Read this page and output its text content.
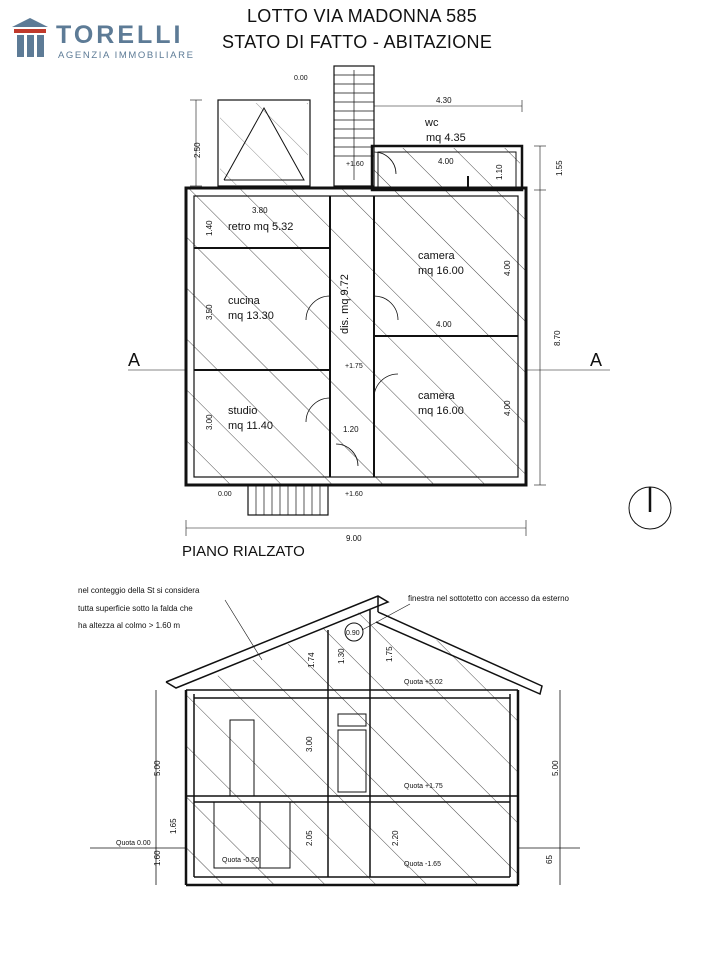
TORELLI
AGENZIA IMMOBILIARE
LOTTO VIA MADONNA 585
STATO DI FATTO - ABITAZIONE
A	A
wc
mq 4.35
retro mq 5.32
cucina
mq 13.30
studio
mq 11.40
camera
mq 16.00
camera
mq 16.00
dis. mq 9.72
4.30
4.00
1.10	1.55
3.80
1.40
3.50
4.00
4.00
8.70
3.00
4.00
1.20
9.00
2.50
0.00
+1.60
+1.75
0.00	+1.60
PIANO RIALZATO
nel conteggio della St si considera
tutta superficie sotto la falda che
ha altezza al colmo > 1.60 m
finestra nel sottotetto con accesso da esterno
0.90
1.74	1.30	1.75
3.00
5.00	5.00
1.65
2.05	2.20
1.60	65
Quota +5.02
Quota +1.75
Quota 0.00
Quota -0.50
Quota -1.65
